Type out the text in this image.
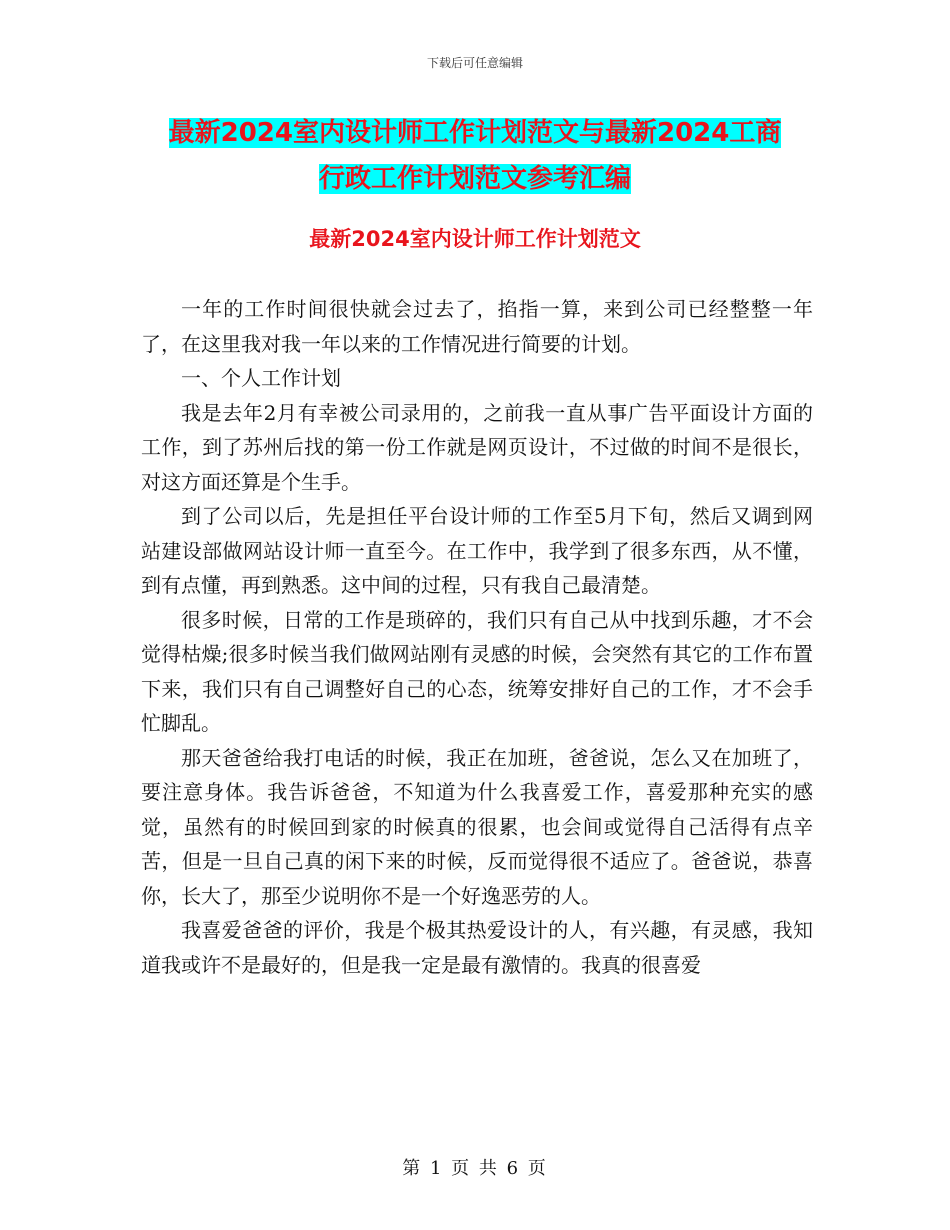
下载后可任意编辑
最新2024室内设计师工作计划范文与最新2024工商
行政工作计划范文参考汇编
最新2024室内设计师工作计划范文

一年的工作时间很快就会过去了，掐指一算，来到公司已经整整一年了，在这里我对我一年以来的工作情况进行简要的计划。

一、个人工作计划

我是去年2月有幸被公司录用的，之前我一直从事广告平面设计方面的工作，到了苏州后找的第一份工作就是网页设计，不过做的时间不是很长，对这方面还算是个生手。

到了公司以后，先是担任平台设计师的工作至5月下旬，然后又调到网站建设部做网站设计师一直至今。在工作中，我学到了很多东西，从不懂，到有点懂，再到熟悉。这中间的过程，只有我自己最清楚。

很多时候，日常的工作是琐碎的，我们只有自己从中找到乐趣，才不会觉得枯燥;很多时候当我们做网站刚有灵感的时候，会突然有其它的工作布置下来，我们只有自己调整好自己的心态，统筹安排好自己的工作，才不会手忙脚乱。

那天爸爸给我打电话的时候，我正在加班，爸爸说，怎么又在加班了，要注意身体。我告诉爸爸，不知道为什么我喜爱工作，喜爱那种充实的感觉，虽然有的时候回到家的时候真的很累，也会间或觉得自己活得有点辛苦，但是一旦自己真的闲下来的时候，反而觉得很不适应了。爸爸说，恭喜你，长大了，那至少说明你不是一个好逸恶劳的人。

我喜爱爸爸的评价，我是个极其热爱设计的人，有兴趣，有灵感，我知道我或许不是最好的，但是我一定是最有激情的。我真的很喜爱

第 1 页 共 6 页
